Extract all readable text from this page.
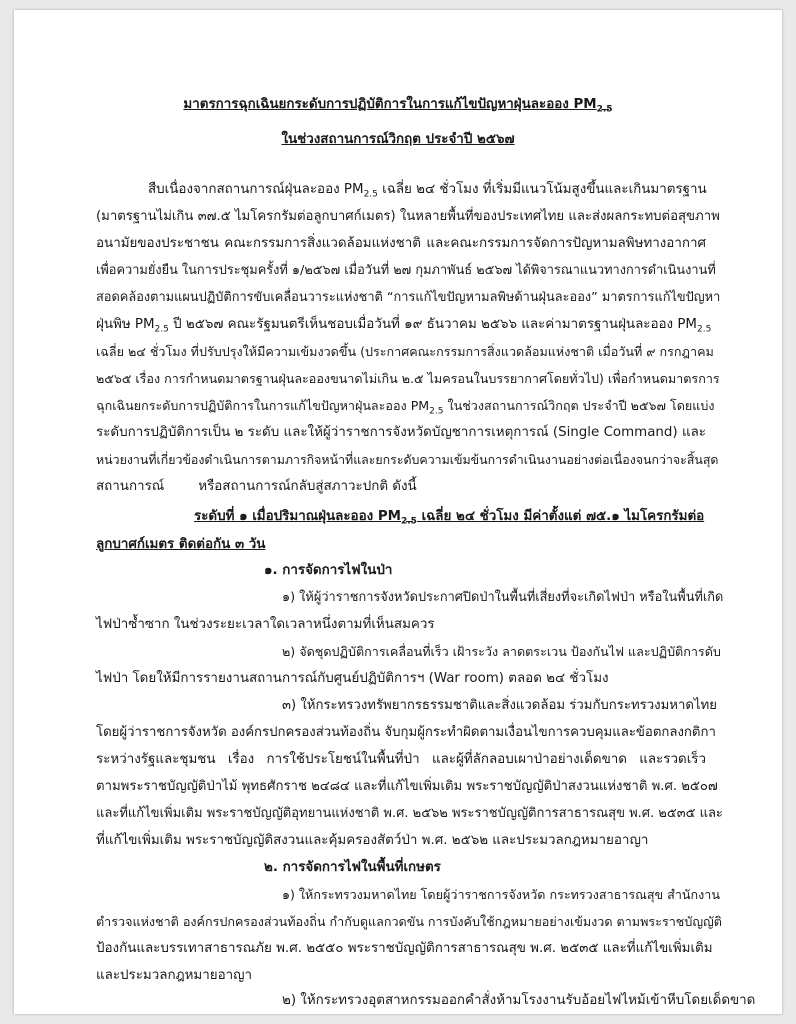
มาตรการฉุกเฉินยกระดับการปฏิบัติการในการแก้ไขปัญหาฝุ่นละออง $PM_{2.5}$
ในช่วงสถานการณ์วิกฤต ประจำปี ๒๕๖๗
สืบเนื่องจากสถานการณ์ฝุ่นละออง $PM_{2.5}$ เฉลี่ย ๒๔ ชั่วโมง ที่เริ่มมีแนวโน้มสูงขึ้นและเกินมาตรฐาน
(มาตรฐานไม่เกิน ๓๗.๕ ไมโครกรัมต่อลูกบาศก์เมตร) ในหลายพื้นที่ของประเทศไทย และส่งผลกระทบต่อสุขภาพ
อนามัยของประชาชน คณะกรรมการสิ่งแวดล้อมแห่งชาติ และคณะกรรมการจัดการปัญหามลพิษทางอากาศ
เพื่อความยั่งยืน ในการประชุมครั้งที่ ๑/๒๕๖๗ เมื่อวันที่ ๒๗ กุมภาพันธ์ ๒๕๖๗ ได้พิจารณาแนวทางการดำเนินงานที่
สอดคล้องตามแผนปฏิบัติการขับเคลื่อนวาระแห่งชาติ “การแก้ไขปัญหามลพิษด้านฝุ่นละออง” มาตรการแก้ไขปัญหา
ฝุ่นพิษ $PM_{2.5}$ ปี ๒๕๖๗ คณะรัฐมนตรีเห็นชอบเมื่อวันที่ ๑๙ ธันวาคม ๒๕๖๖ และค่ามาตรฐานฝุ่นละออง $PM_{2.5}$
เฉลี่ย ๒๔ ชั่วโมง ที่ปรับปรุงให้มีความเข้มงวดขึ้น (ประกาศคณะกรรมการสิ่งแวดล้อมแห่งชาติ เมื่อวันที่ ๙ กรกฎาคม
๒๕๖๕ เรื่อง การกำหนดมาตรฐานฝุ่นละอองขนาดไม่เกิน ๒.๕ ไมครอนในบรรยากาศโดยทั่วไป) เพื่อกำหนดมาตรการ
ฉุกเฉินยกระดับการปฏิบัติการในการแก้ไขปัญหาฝุ่นละออง $PM_{2.5}$ ในช่วงสถานการณ์วิกฤต ประจำปี ๒๕๖๗ โดยแบ่ง
ระดับการปฏิบัติการเป็น ๒ ระดับ และให้ผู้ว่าราชการจังหวัดบัญชาการเหตุการณ์ (Single Command) และ
หน่วยงานที่เกี่ยวข้องดำเนินการตามภารกิจหน้าที่และยกระดับความเข้มข้นการดำเนินงานอย่างต่อเนื่องจนกว่าจะสิ้นสุด
สถานการณ์        หรือสถานการณ์กลับสู่สภาวะปกติ ดังนี้
ระดับที่ ๑ เมื่อปริมาณฝุ่นละออง $PM_{2.5}$ เฉลี่ย ๒๔ ชั่วโมง มีค่าตั้งแต่ ๗๕.๑ ไมโครกรัมต่อ
ลูกบาศก์เมตร ติดต่อกัน ๓ วัน
๑. การจัดการไฟในป่า
๑) ให้ผู้ว่าราชการจังหวัดประกาศปิดป่าในพื้นที่เสี่ยงที่จะเกิดไฟป่า หรือในพื้นที่เกิด
ไฟป่าซ้ำซาก ในช่วงระยะเวลาใดเวลาหนึ่งตามที่เห็นสมควร
๒) จัดชุดปฏิบัติการเคลื่อนที่เร็ว เฝ้าระวัง ลาดตระเวน ป้องกันไฟ และปฏิบัติการดับ
ไฟป่า โดยให้มีการรายงานสถานการณ์กับศูนย์ปฏิบัติการฯ (War room) ตลอด ๒๔ ชั่วโมง
๓) ให้กระทรวงทรัพยากรธรรมชาติและสิ่งแวดล้อม ร่วมกับกระทรวงมหาดไทย
โดยผู้ว่าราชการจังหวัด องค์กรปกครองส่วนท้องถิ่น จับกุมผู้กระทำผิดตามเงื่อนไขการควบคุมและข้อตกลงกติกา
ระหว่างรัฐและชุมชน เรื่อง การใช้ประโยชน์ในพื้นที่ป่า และผู้ที่ลักลอบเผาป่าอย่างเด็ดขาด และรวดเร็ว
ตามพระราชบัญญัติป่าไม้ พุทธศักราช ๒๔๘๔ และที่แก้ไขเพิ่มเติม พระราชบัญญัติป่าสงวนแห่งชาติ พ.ศ. ๒๕๐๗
และที่แก้ไขเพิ่มเติม พระราชบัญญัติอุทยานแห่งชาติ พ.ศ. ๒๕๖๒ พระราชบัญญัติการสาธารณสุข พ.ศ. ๒๕๓๕ และ
ที่แก้ไขเพิ่มเติม พระราชบัญญัติสงวนและคุ้มครองสัตว์ป่า พ.ศ. ๒๕๖๒ และประมวลกฎหมายอาญา
๒. การจัดการไฟในพื้นที่เกษตร
๑) ให้กระทรวงมหาดไทย โดยผู้ว่าราชการจังหวัด กระทรวงสาธารณสุข สำนักงาน
ตำรวจแห่งชาติ องค์กรปกครองส่วนท้องถิ่น กำกับดูแลกวดขัน การบังคับใช้กฎหมายอย่างเข้มงวด ตามพระราชบัญญัติ
ป้องกันและบรรเทาสาธารณภัย พ.ศ. ๒๕๕๐ พระราชบัญญัติการสาธารณสุข พ.ศ. ๒๕๓๕ และที่แก้ไขเพิ่มเติม
และประมวลกฎหมายอาญา
๒) ให้กระทรวงอุตสาหกรรมออกคำสั่งห้ามโรงงานรับอ้อยไฟไหม้เข้าหีบโดยเด็ดขาด
